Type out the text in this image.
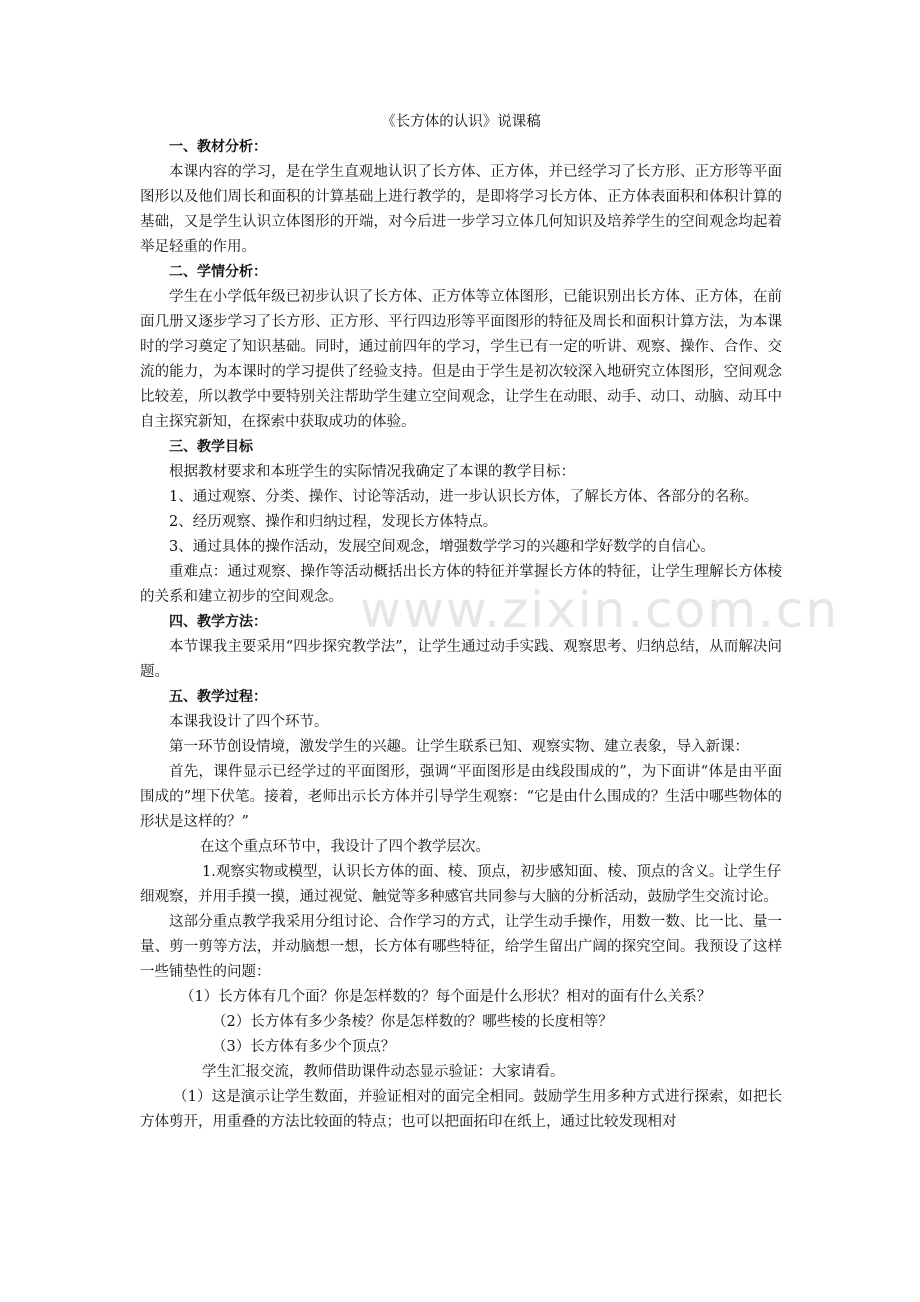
www.zixin.com.cn

《长方体的认识》说课稿

一、教材分析：

本课内容的学习，是在学生直观地认识了长方体、正方体，并已经学习了长方形、正方形等平面图形以及他们周长和面积的计算基础上进行教学的，是即将学习长方体、正方体表面积和体积计算的基础，又是学生认识立体图形的开端，对今后进一步学习立体几何知识及培养学生的空间观念均起着举足轻重的作用。

二、学情分析：

学生在小学低年级已初步认识了长方体、正方体等立体图形，已能识别出长方体、正方体，在前面几册又逐步学习了长方形、正方形、平行四边形等平面图形的特征及周长和面积计算方法，为本课时的学习奠定了知识基础。同时，通过前四年的学习，学生已有一定的听讲、观察、操作、合作、交流的能力，为本课时的学习提供了经验支持。但是由于学生是初次较深入地研究立体图形，空间观念比较差，所以教学中要特别关注帮助学生建立空间观念，让学生在动眼、动手、动口、动脑、动耳中自主探究新知，在探索中获取成功的体验。

三、教学目标

根据教材要求和本班学生的实际情况我确定了本课的教学目标：

1、通过观察、分类、操作、讨论等活动，进一步认识长方体，了解长方体、各部分的名称。

2、经历观察、操作和归纳过程，发现长方体特点。

3、通过具体的操作活动，发展空间观念，增强数学学习的兴趣和学好数学的自信心。

重难点：通过观察、操作等活动概括出长方体的特征并掌握长方体的特征，让学生理解长方体棱的关系和建立初步的空间观念。

四、教学方法：

本节课我主要采用“四步探究教学法”，让学生通过动手实践、观察思考、归纳总结，从而解决问题。

五、教学过程：

本课我设计了四个环节。

第一环节创设情境，激发学生的兴趣。让学生联系已知、观察实物、建立表象，导入新课：

首先，课件显示已经学过的平面图形，强调“平面图形是由线段围成的”，为下面讲“体是由平面围成的”埋下伏笔。接着，老师出示长方体并引导学生观察：“它是由什么围成的？生活中哪些物体的形状是这样的？”

在这个重点环节中，我设计了四个教学层次。

1.观察实物或模型，认识长方体的面、棱、顶点，初步感知面、棱、顶点的含义。让学生仔细观察，并用手摸一摸，通过视觉、触觉等多种感官共同参与大脑的分析活动，鼓励学生交流讨论。

这部分重点教学我采用分组讨论、合作学习的方式，让学生动手操作，用数一数、比一比、量一量、剪一剪等方法，并动脑想一想，长方体有哪些特征，给学生留出广阔的探究空间。我预设了这样一些铺垫性的问题：

（1）长方体有几个面？你是怎样数的？每个面是什么形状？相对的面有什么关系？

（2）长方体有多少条棱？你是怎样数的？哪些棱的长度相等？

（3）长方体有多少个顶点？

学生汇报交流，教师借助课件动态显示验证：大家请看。

（1）这是演示让学生数面，并验证相对的面完全相同。鼓励学生用多种方式进行探索，如把长方体剪开，用重叠的方法比较面的特点；也可以把面拓印在纸上，通过比较发现相对
